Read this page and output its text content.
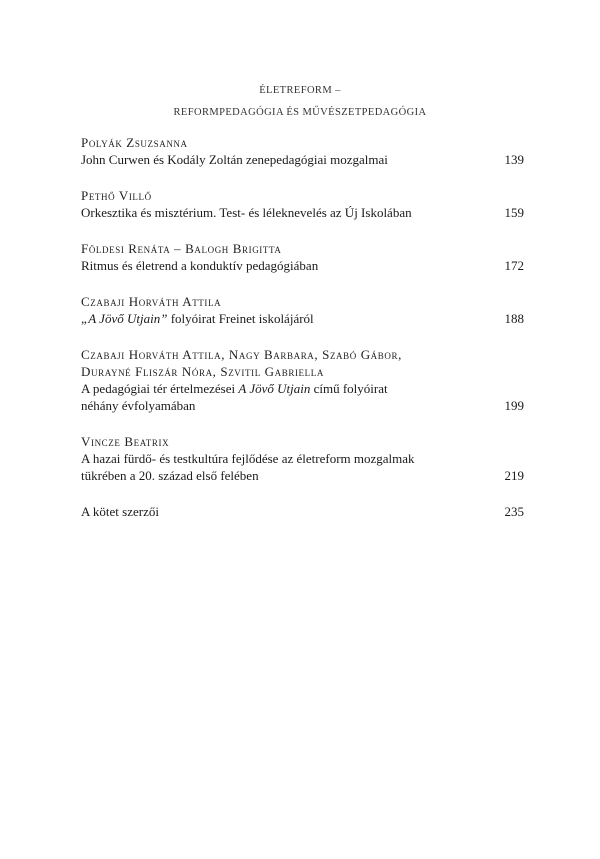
ÉLETREFORM –
REFORMPEDAGÓGIA ÉS MŰVÉSZETPEDAGÓGIA
Polyák Zsuzsanna
John Curwen és Kodály Zoltán zenepedagógiai mozgalmai	139
Pethő Villő
Orkesztika és misztérium. Test- és léleknevelés az Új Iskolában	159
Földesi Renáta – Balogh Brigitta
Ritmus és életrend a konduktív pedagógiában	172
Czabaji Horváth Attila
„A Jövő Utjain” folyóirat Freinet iskolájáról	188
Czabaji Horváth Attila, Nagy Barbara, Szabó Gábor,
Durayné Fliszár Nóra, Szvitil Gabriella
A pedagógiai tér értelmezései A Jövő Utjain című folyóirat
néhány évfolyamában	199
Vincze Beatrix
A hazai fürdő- és testkultúra fejlődése az életreform mozgalmak
tükrében a 20. század első felében	219
A kötet szerzői	235
